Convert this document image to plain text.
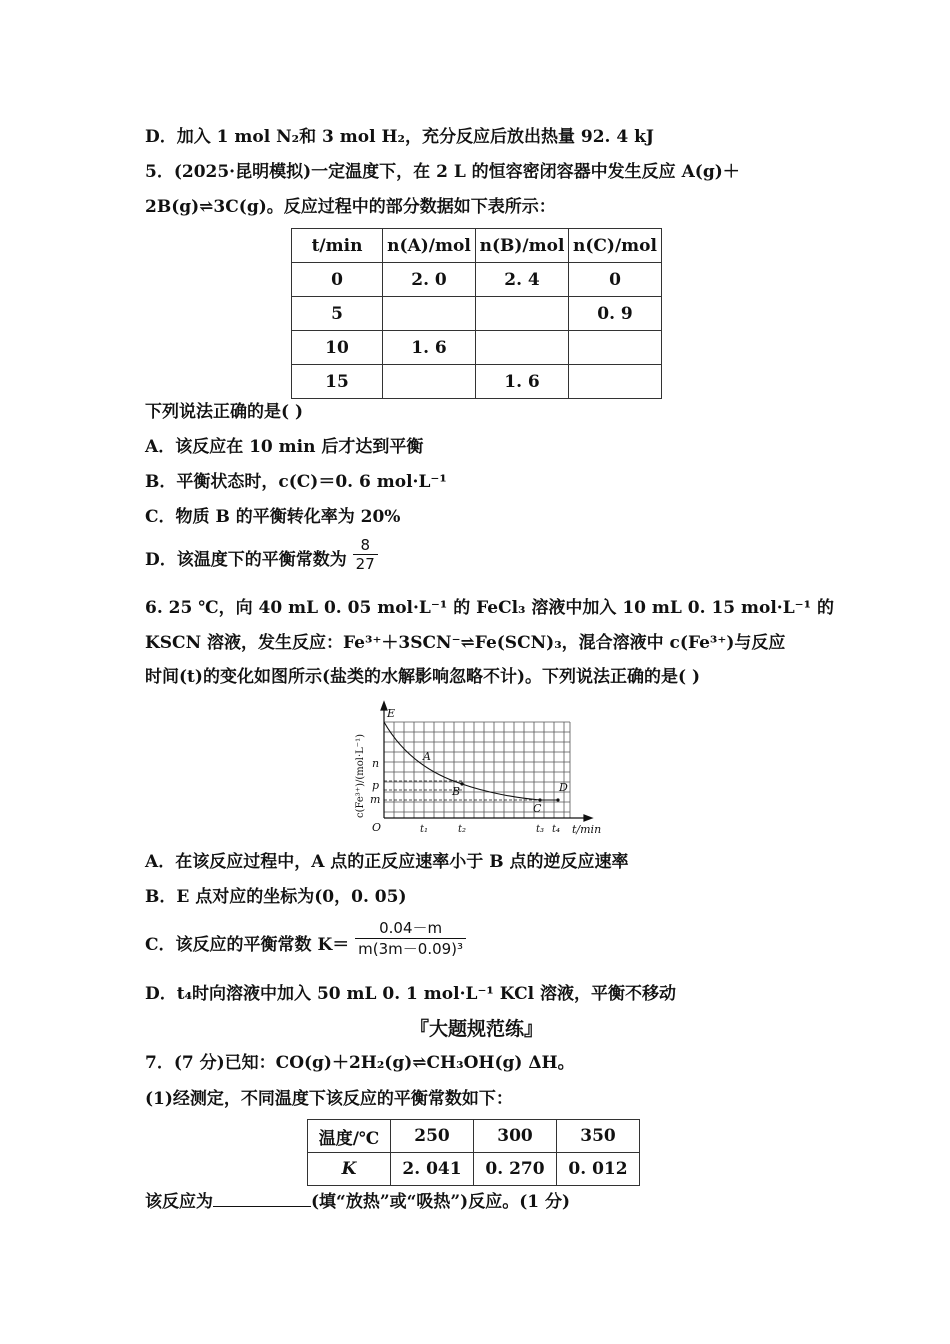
D．加入 1 mol N₂和 3 mol H₂，充分反应后放出热量 92. 4 kJ
5．(2025·昆明模拟)一定温度下，在 2 L 的恒容密闭容器中发生反应 A(g)＋
2B(g)⇌3C(g)。反应过程中的部分数据如下表所示：
t/min	n(A)/mol	n(B)/mol	n(C)/mol
0	2. 0	2. 4	0
5			0. 9
10	1. 6		
15		1. 6	
下列说法正确的是( )
A．该反应在 10 min 后才达到平衡
B．平衡状态时，c(C)＝0. 6 mol·L⁻¹
C．物质 B 的平衡转化率为 20%
D．该温度下的平衡常数为 $\frac{8}{27}$
6. 25 ℃，向 40 mL 0. 05 mol·L⁻¹ 的 FeCl₃ 溶液中加入 10 mL 0. 15 mol·L⁻¹ 的
KSCN 溶液，发生反应：Fe³⁺＋3SCN⁻⇌Fe(SCN)₃，混合溶液中 c(Fe³⁺)与反应
时间(t)的变化如图所示(盐类的水解影响忽略不计)。下列说法正确的是( )
E
A
B
C
D
n
p
m
O	t₁	t₂	t₃ t₄ t/min
c(Fe³⁺)/(mol·L⁻¹)
A．在该反应过程中，A 点的正反应速率小于 B 点的逆反应速率
B．E 点对应的坐标为(0，0. 05)
C．该反应的平衡常数 $K= \frac{0.04-m}{\text{m(3m－0.09)³}}$
D．t₄时向溶液中加入 50 mL 0. 1 mol·L⁻¹ KCl 溶液，平衡不移动
『大题规范练』
7．(7 分)已知：CO(g)＋2H₂(g)⇌CH₃OH(g) ΔH。
(1)经测定，不同温度下该反应的平衡常数如下：
温度/℃	250	300	350
K	2. 041	0. 270	0. 012
该反应为	(填“放热”或“吸热”)反应。(1 分)
